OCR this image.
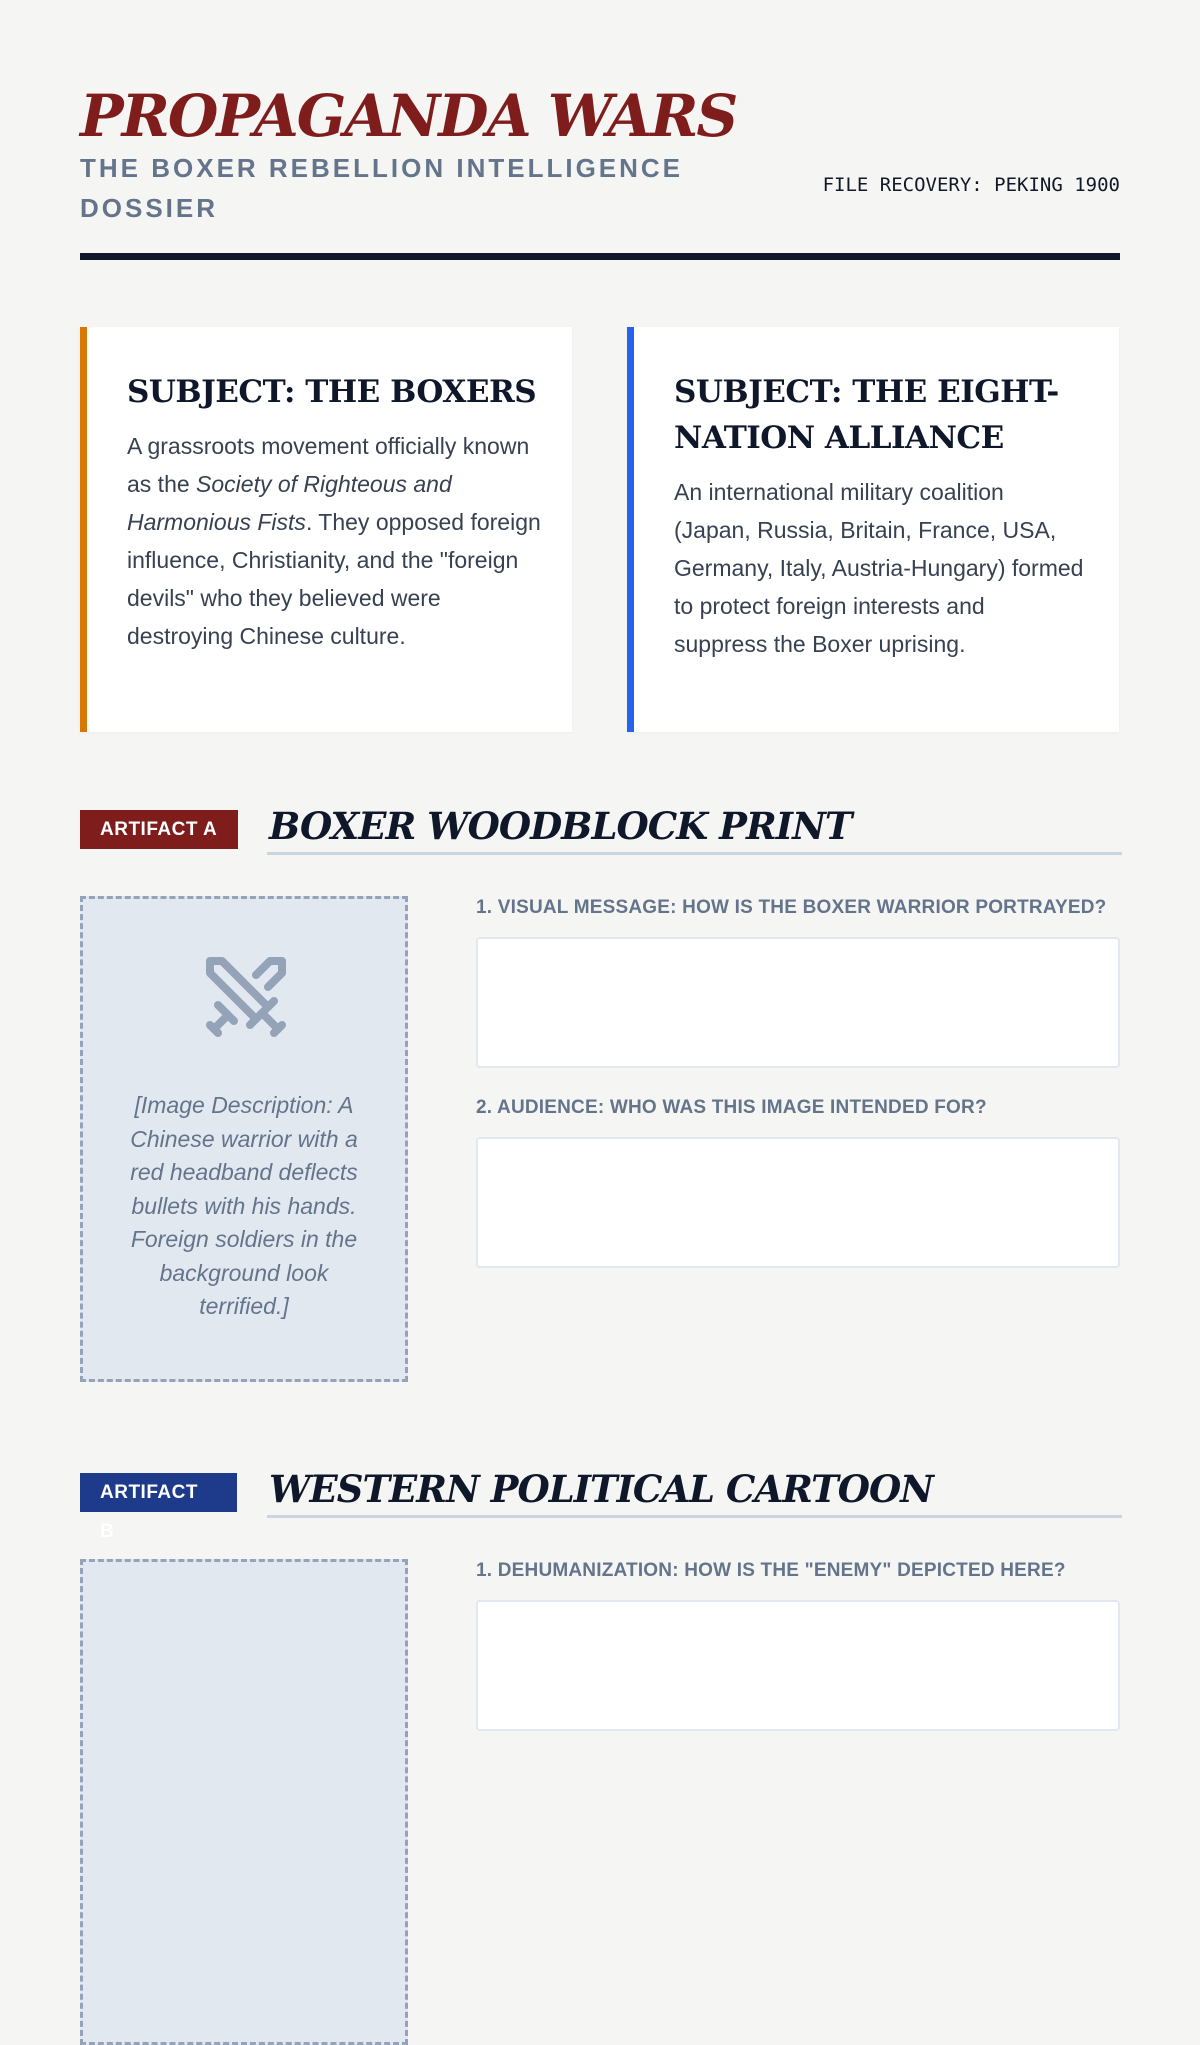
PROPAGANDA WARS

THE BOXER REBELLION INTELLIGENCE DOSSIER

FILE RECOVERY: PEKING 1900
SUBJECT: THE BOXERS

A grassroots movement officially known as the Society of Righteous and Harmonious Fists. They opposed foreign influence, Christianity, and the "foreign devils" who they believed were destroying Chinese culture.

SUBJECT: THE EIGHT-NATION ALLIANCE

An international military coalition (Japan, Russia, Britain, France, USA, Germany, Italy, Austria-Hungary) formed to protect foreign interests and suppress the Boxer uprising.

ARTIFACT A	BOXER WOODBLOCK PRINT

[Image Description: A Chinese warrior with a red headband deflects bullets with his hands. Foreign soldiers in the background look terrified.]

1. VISUAL MESSAGE: HOW IS THE BOXER WARRIOR PORTRAYED?

2. AUDIENCE: WHO WAS THIS IMAGE INTENDED FOR?

ARTIFACT B
WESTERN POLITICAL CARTOON

1. DEHUMANIZATION: HOW IS THE "ENEMY" DEPICTED HERE?
